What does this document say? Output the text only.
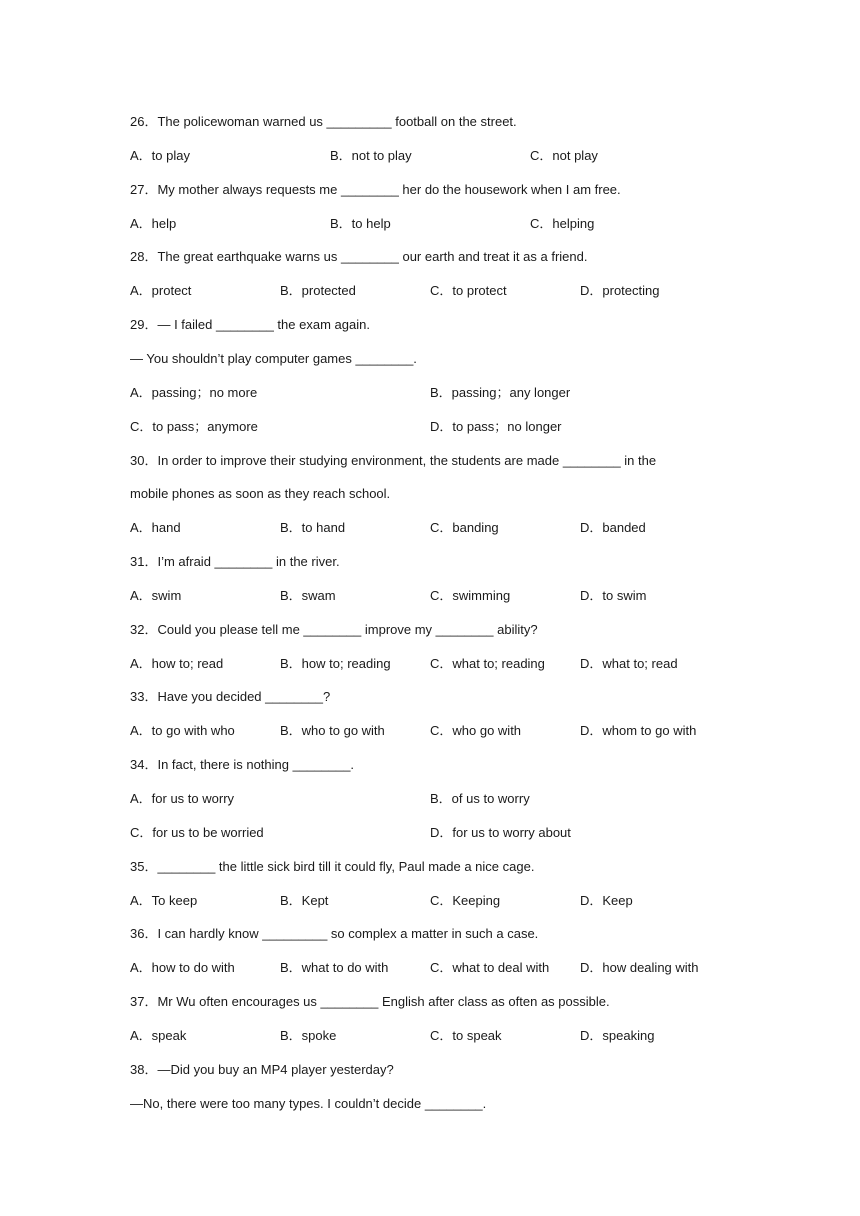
26．The policewoman warned us _________ football on the street.
A．to play	B．not to play	C．not play
27．My mother always requests me ________ her do the housework when I am free.
A．help	B．to help	C．helping
28．The great earthquake warns us ________ our earth and treat it as a friend.
A．protect	B．protected	C．to protect	D．protecting
29．— I failed ________ the exam again.
— You shouldn’t play computer games ________.
A．passing；no more	B．passing；any longer
C．to pass；anymore	D．to pass；no longer
30．In order to improve their studying environment, the students are made ________ in the
mobile phones as soon as they reach school.
A．hand	B．to hand	C．banding	D．banded
31．I’m afraid ________ in the river.
A．swim	B．swam	C．swimming	D．to swim
32．Could you please tell me ________ improve my ________ ability?
A．how to; read	B．how to; reading	C．what to; reading	D．what to; read
33．Have you decided ________?
A．to go with who	B．who to go with	C．who go with	D．whom to go with
34．In fact, there is nothing ________.
A．for us to worry	B．of us to worry
C．for us to be worried	D．for us to worry about
35．________ the little sick bird till it could fly, Paul made a nice cage.
A．To keep	B．Kept	C．Keeping	D．Keep
36．I can hardly know _________ so complex a matter in such a case.
A．how to do with	B．what to do with	C．what to deal with D．how dealing with
37．Mr Wu often encourages us ________ English after class as often as possible.
A．speak	B．spoke	C．to speak	D．speaking
38．—Did you buy an MP4 player yesterday?
—No, there were too many types. I couldn’t decide ________.
